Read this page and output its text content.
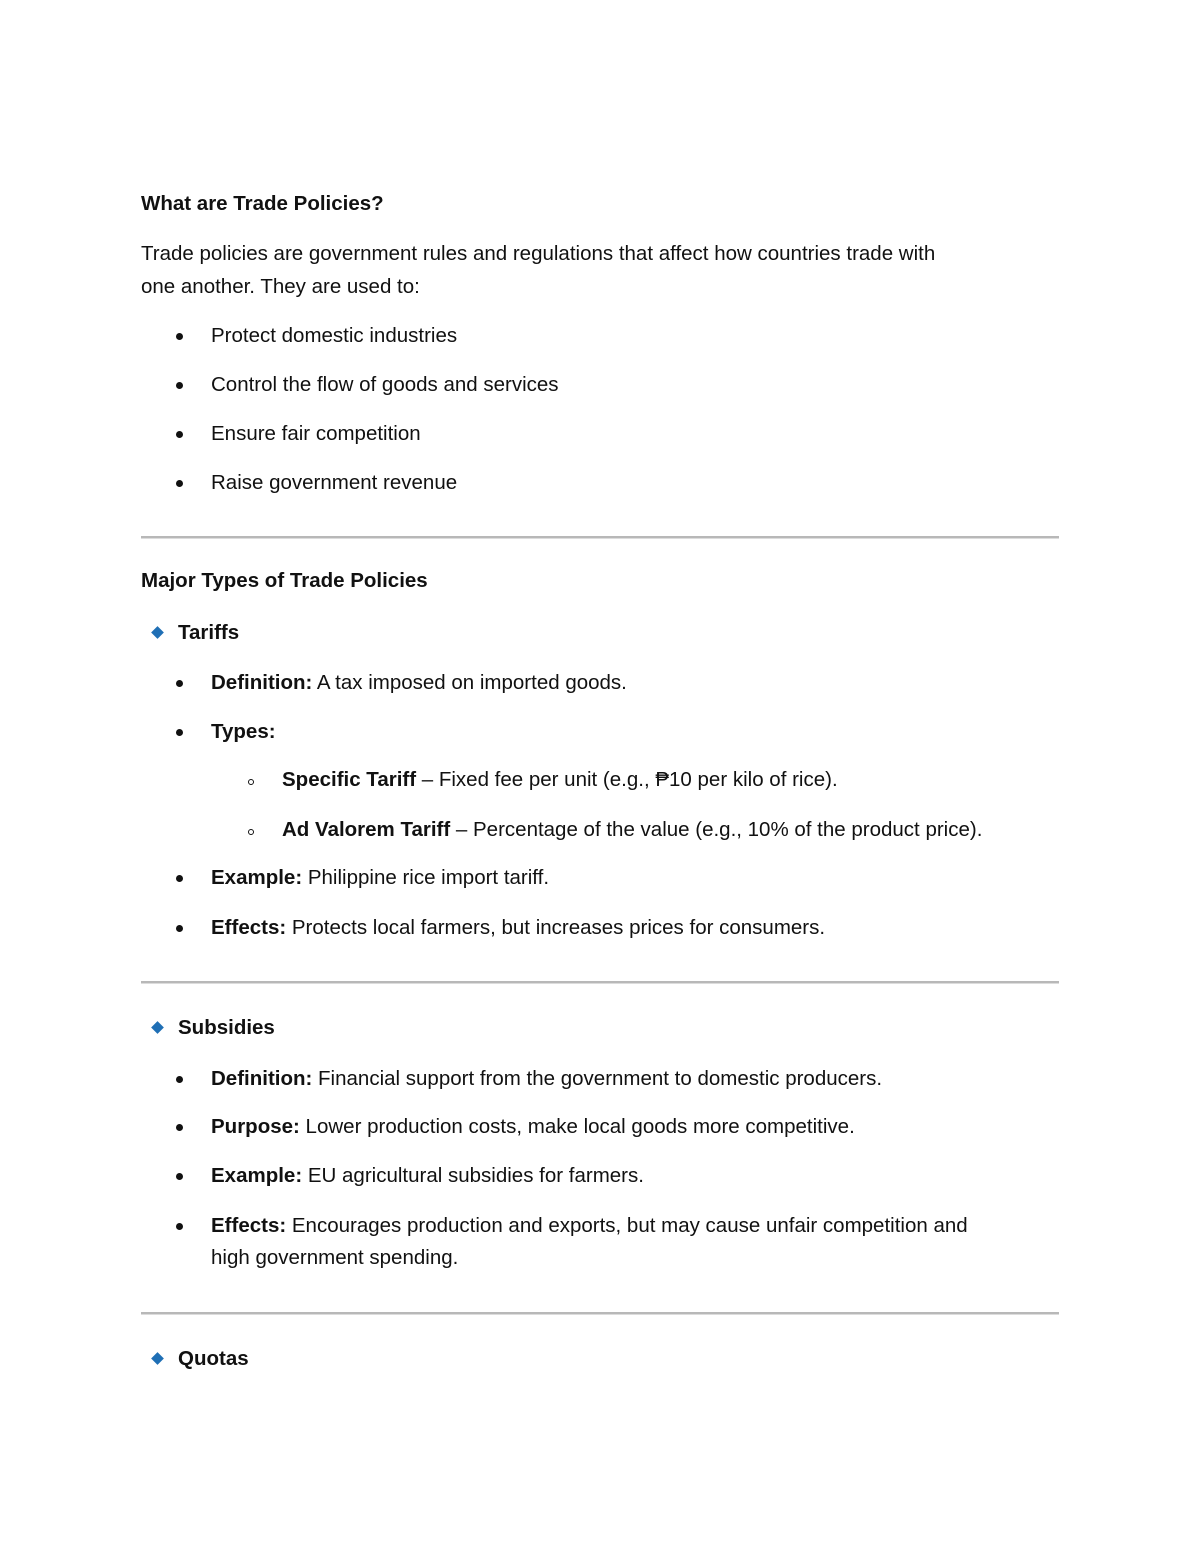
What are Trade Policies?

Trade policies are government rules and regulations that affect how countries trade with

one another. They are used to:

Protect domestic industries

Control the flow of goods and services

Ensure fair competition

Raise government revenue

Major Types of Trade Policies

Tariffs

Definition: A tax imposed on imported goods.

Types:

Specific Tariff – Fixed fee per unit (e.g., ₱10 per kilo of rice).

Ad Valorem Tariff – Percentage of the value (e.g., 10% of the product price).

Example: Philippine rice import tariff.

Effects: Protects local farmers, but increases prices for consumers.

Subsidies

Definition: Financial support from the government to domestic producers.

Purpose: Lower production costs, make local goods more competitive.

Example: EU agricultural subsidies for farmers.

Effects: Encourages production and exports, but may cause unfair competition and

high government spending.

Quotas
